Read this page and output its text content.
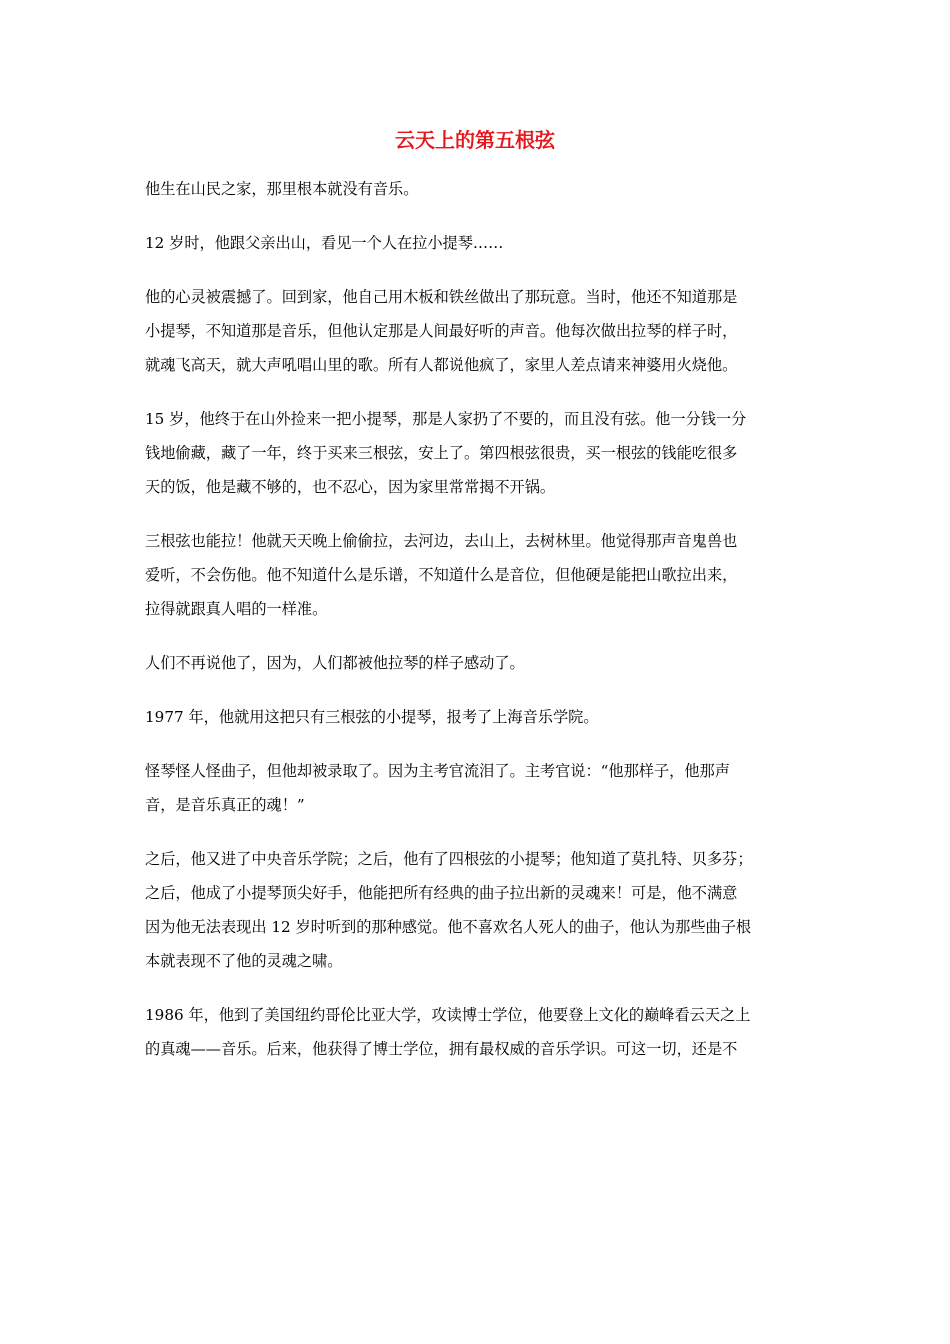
云天上的第五根弦

他生在山民之家，那里根本就没有音乐。

12 岁时，他跟父亲出山，看见一个人在拉小提琴……

他的心灵被震撼了。回到家，他自己用木板和铁丝做出了那玩意。当时，他还不知道那是
小提琴，不知道那是音乐，但他认定那是人间最好听的声音。他每次做出拉琴的样子时，
就魂飞高天，就大声吼唱山里的歌。所有人都说他疯了，家里人差点请来神婆用火烧他。

15 岁，他终于在山外捡来一把小提琴，那是人家扔了不要的，而且没有弦。他一分钱一分
钱地偷藏，藏了一年，终于买来三根弦，安上了。第四根弦很贵，买一根弦的钱能吃很多
天的饭，他是藏不够的，也不忍心，因为家里常常揭不开锅。

三根弦也能拉！他就天天晚上偷偷拉，去河边，去山上，去树林里。他觉得那声音鬼兽也
爱听，不会伤他。他不知道什么是乐谱，不知道什么是音位，但他硬是能把山歌拉出来，
拉得就跟真人唱的一样准。

人们不再说他了，因为，人们都被他拉琴的样子感动了。

1977 年，他就用这把只有三根弦的小提琴，报考了上海音乐学院。

怪琴怪人怪曲子，但他却被录取了。因为主考官流泪了。主考官说：“他那样子，他那声
音，是音乐真正的魂！”

之后，他又进了中央音乐学院；之后，他有了四根弦的小提琴；他知道了莫扎特、贝多芬；
之后，他成了小提琴顶尖好手，他能把所有经典的曲子拉出新的灵魂来！可是，他不满意
因为他无法表现出 12 岁时听到的那种感觉。他不喜欢名人死人的曲子，他认为那些曲子根
本就表现不了他的灵魂之啸。

1986 年，他到了美国纽约哥伦比亚大学，攻读博士学位，他要登上文化的巅峰看云天之上
的真魂——音乐。后来，他获得了博士学位，拥有最权威的音乐学识。可这一切，还是不
